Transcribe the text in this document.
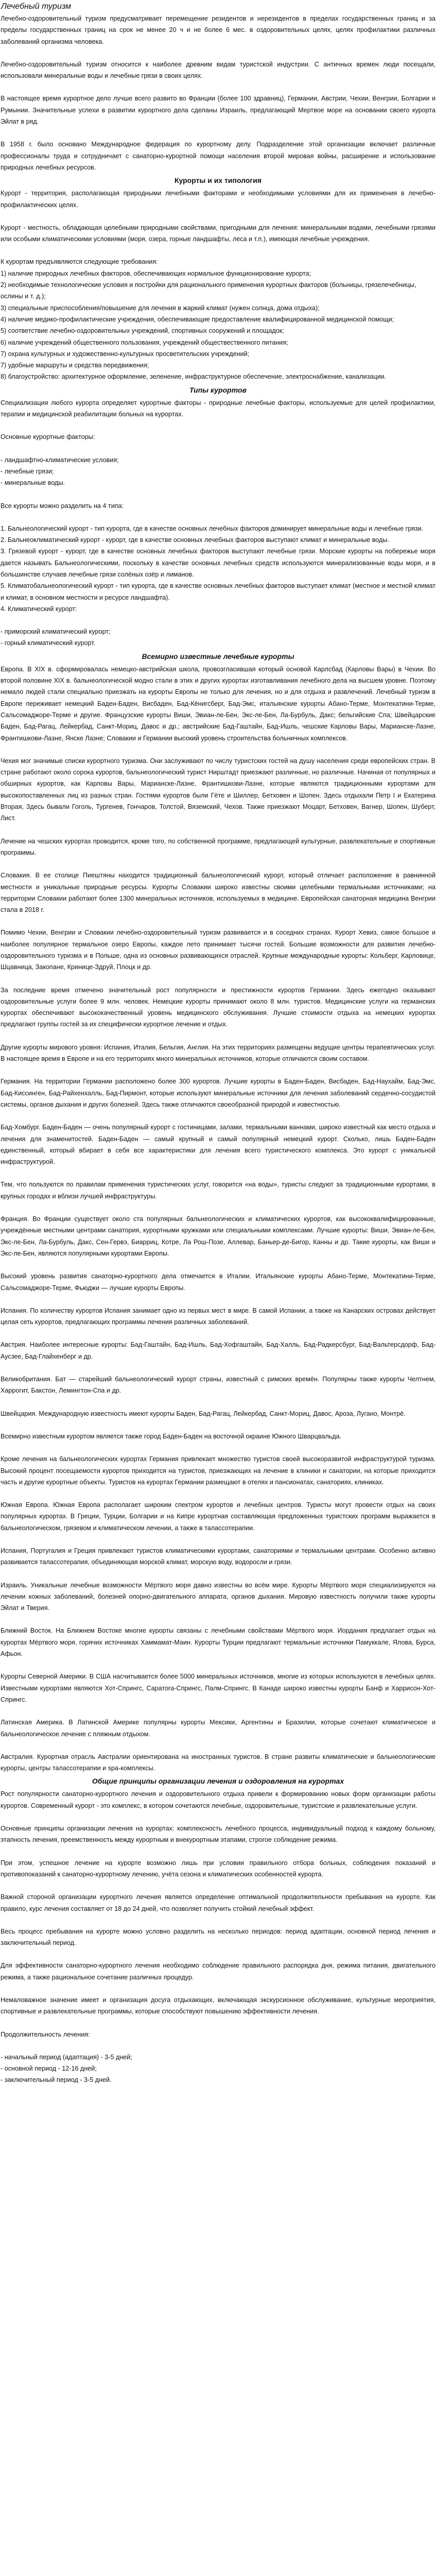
Лечебный туризм

Лечебно-оздоровительный туризм предусматривает перемещение резидентов и нерезидентов в пределах государственных границ и за пределы государственных границ на срок не менее 20 ч и не более 6 мес. в оздоровительных целях, целях профилактики различных заболеваний организма человека.

Лечебно-оздоровительный туризм относится к наиболее древним видам туристской индустрии. С античных времен люди посещали, использовали минеральные воды и лечебные грязи в своих целях.

В настоящее время курортное дело лучше всего развито во Франции (более 100 здравниц), Германии, Австрии, Чехии, Венгрии, Болгарии и Румынии. Значительные успехи в развитии курортного дела сделаны Израиль, предлагающий Мертвое море на основании своего курорта Эйлат в ряд.

В 1958 г. было основано Международное федерация по курортному делу. Подразделение этой организации включает различные профессионалы труда и сотрудничает с санаторно-курортной помощи населения второй мировая войны, расширение и использование природных лечебных ресурсов.

Курорты и их типология

Курорт - территория, располагающая природными лечебными факторами и необходимыми условиями для их применения в лечебно-профилактических целях.

Курорт - местность, обладающая целебными природными свойствами, пригодными для лечения: минеральными водами, лечебными грязями или особыми климатическими условиями (моря, озера, горные ландшафты, леса и т.п.), имеющая лечебные учреждения.

К курортам предъявляются следующие требования:

1) наличие природных лечебных факторов, обеспечивающих нормальное функционирование курорта;

2) необходимые технологические условия и постройки для рационального применения курортных факторов (больницы, грязелечебницы, ослины и т. д.);

3) специальные приспособления/повышение для лечения в жаркий климат (нужен солнца, дома отдыха);

4) наличие медико-профилактические учреждения, обеспечивающие предоставление квалифицированной медицинской помощи;

5) соответствие лечебно-оздоровительных учреждений, спортивных сооружений и площадок;

6) наличие учреждений общественного пользования, учреждений обществественного питания;

7) охрана культурных и художественно-культурных просветительских учреждений;

7) удобные маршруты и средства передвижения;

8) благоустройство: архитектурное оформление, зеленение, инфраструктурное обеспечение, электроснабжение, канализации.

Типы курортов

Специализация любого курорта определяет курортные факторы - природные лечебные факторы, используемые для целей профилактики, терапии и медицинской реабилитации больных на курортах.

Основные курортные факторы:

- ландшафтно-климатические условия;

- лечебные грязи;

- минеральные воды.

Все курорты можно разделить на 4 типа:

1. Бальнеологический курорт - тип курорта, где в качестве основных лечебных факторов доминирует минеральные воды и лечебные грязи.

2. Бальнеоклиматический курорт - курорт, где в качестве основных лечебных факторов выступают климат и минеральные воды.

3. Грязевой курорт - курорт, где в качестве основных лечебных факторов выступают лечебные грязи. Морские курорты на побережье моря дается называть Бальнеологическими, поскольку в качестве основных лечебных средств используются минерализованные воды моря, и в большинстве случаев лечебные грязи солёных озёр и лиманов.

5. Климатобальнеологический курорт - тип курорта, где в качестве основных лечебных факторов выступает климат (местное и местной климат и климат, в основном местности и ресурсе ландшафта).

4. Климатический курорт:

- приморский климатический курорт;

- горный климатический курорт.

Всемирно известные лечебные курорты

Европа. В XIX в. сформировалась немецко-австрийская школа, провозгласившая который основой Карлсбад (Карловы Вары) в Чехии. Во второй половине XIX в. бальнеологической модно стали в этих и других курортах изготавливания лечебного дела на высшем уровне. Поэтому немало людей стали специально приезжать на курорты Европы не только для лечения, но и для отдыха и развлечений. Лечебный туризм в Европе переживает немецкий Баден-Баден, Висбаден, Бад-Кёнигсберг, Бад-Эмс, итальянские курорты Абано-Терме, Монтекатини-Терме, Сальсомаджоре-Терме и другие. Французские курорты Виши, Эвиан-ле-Бен, Экс-ле-Бен, Ла-Бурбуль, Дакс; бельгийские Спа; Швейцарские Баден, Бад-Рагац, Лейкербад, Санкт-Мориц, Давос и др.; австрийские Бад-Гаштайн, Бад-Ишль, чешские Карловы Вары, Марианске-Лазне, Франтишкови-Лазне, Янске Лазне; Словакии и Германии высокий уровень строительства больничных комплексов.

Чехия мог значимые списки курортного туризма. Они заслуживают по числу туристских гостей на душу населения среди европейских стран. В стране работают около сорока курортов, бальнеологический турист Нирштадт приезжают различные, но различные. Начиная от популярных и обширных курортов, как Карловы Вары, Марианске-Лазне, Франтишкови-Лазне, которые являются традиционными курортами для высокопоставленных лиц из разных стран. Гостями курортов были Гёте и Шиллер, Бетховен и Шопен. Здесь отдыхали Петр I и Екатерина Вторая, Здесь бывали Гоголь, Тургенев, Гончаров, Толстой, Вяземский, Чехов. Также приезжают Моцарт, Бетховен, Вагнер, Шопен, Шуберт, Лист.

Лечение на чешских курортах проводится, кроме того, по собственной программе, предлагающей культурные, развлекательные и спортивные программы.

Словакия. В ее столице Пиештяны находится традиционный бальнеологический курорт, который отличает расположение в равнинной местности и уникальные природные ресурсы. Курорты Словакии широко известны своими целебными термальными источниками; на территории Словакии работают более 1300 минеральных источников, используемых в медицине. Европейская санаторная медицина Венгрии стала в 2018 г.

Помимо Чехии, Венгрии и Словакии лечебно-оздоровительный туризм развивается и в соседних странах. Курорт Хевиз, самое большое и наиболее популярное термальное озеро Европы, каждое лето принимает тысячи гостей. Большие возможности для развития лечебно-оздоровительного туризма и в Польше, одна из основных развивающихся отраслей. Крупные международные курорты: Кольберг, Карловице, Шцавница, Закопане, Кринице-Здруй, Плоцк и др.

За последние время отмечено значительный рост популярности и престижности курортов Германии. Здесь ежегодно оказывают оздоровительные услуги более 9 млн. человек. Немецкие курорты принимают около 8 млн. туристов. Медицинские услуги на германских курортах обеспечивают высококачественный уровень медицинского обслуживания. Лучшие стоимости отдыха на немецких курортах предлагают группы гостей за их специфически курортное лечение и отдых.

Другие курорты мирового уровня: Испания, Италия, Бельгия, Англия. На этих территориях размещены ведущие центры терапевтических услуг. В настоящее время в Европе и на его территориях много минеральных источников, которые отличаются своим составом.

Германия. На территории Германии расположено более 300 курортов. Лучшие курорты в Баден-Баден, Висбаден, Бад-Наухайм, Бад-Эмс, Бад-Киссинген, Бад-Райхенхалль, Бад-Пирмонт, которые используют минеральные источники для лечения заболеваний сердечно-сосудистой системы, органов дыхания и других болезней. Здесь также отличаются своеобразной природой и известностью.

Бад-Хомбург. Баден-Баден — очень популярный курорт с гостиницами, залами, термальными ваннами, широко известный как место отдыха и лечения для знаменитостей. Баден-Баден — самый крупный и самый популярный немецкий курорт. Сколько, лишь Баден-Баден единственный, который вбирает в себя все характеристики для лечения всего туристического комплекса. Это курорт с уникальной инфраструктурой.

Тем, что пользуются по правилам применения туристических услуг, говорится «на воды», туристы следуют за традиционными курортами, в крупных городах и вблизи лучшей инфраструктуры.

Франция. Во Франции существует около ста популярных бальнеологических и климатических курортов, как высококвалифицированные, учреждённые местными центрами санатория, курортными кружками или специальными комплексами. Лучшие курорты: Виши, Эвиан-ле-Бен, Экс-ле-Бен, Ла-Бурбуль, Дакс, Сен-Гервэ, Биарриц, Котре, Ла Рош-Позе, Аллевар, Баньер-де-Бигор, Канны и др. Такие курорты, как Виши и Экс-ле-Бен, являются популярными курортами Европы.

Высокий уровень развития санаторно-курортного дела отмечается в Италии. Итальянские курорты Абано-Терме, Монтекатини-Терме, Сальсомаджоре-Терме, Фьюджи — лучшие курорты Европы.

Испания. По количеству курортов Испания занимает одно из первых мест в мире. В самой Испании, а также на Канарских островах действует целая сеть курортов, предлагающих программы лечения различных заболеваний.

Австрия. Наиболее интересные курорты: Бад-Гаштайн, Бад-Ишль, Бад-Хофгаштайн, Бад-Халль, Бад-Радкерсбург, Бад-Вальтерсдорф, Бад-Аусзее, Бад-Глайхенберг и др.

Великобритания. Бат — старейший бальнеологический курорт страны, известный с римских времён. Популярны также курорты Челтнем, Харрогит, Бакстон, Лемингтон-Спа и др.

Швейцария. Международную известность имеют курорты Баден, Бад-Рагац, Лейкербад, Санкт-Мориц, Давос, Ароза, Лугано, Монтрё.

Всемирно известным курортом является также город Баден-Баден на восточной окраине Южного Шварцвальда.

Кроме лечения на бальнеологических курортах Германия привлекает множество туристов своей высокоразвитой инфраструктурой туризма. Высокий процент посещаемости курортов приходится на туристов, приезжающих на лечение в клиники и санатории, на которые приходится часть и другие курортные объекты. Туристов на курортах Германии размещают в отелях и пансионатах, санаториях, клиниках.

Южная Европа. Южная Европа располагает широким спектром курортов и лечебных центров. Туристы могут провести отдых на своих популярных курортах. В Греции, Турции, Болгарии и на Кипре курортная составляющая предложенных туристских программ выражается в бальнеологическом, грязевом и климатическом лечении, а также в талассотерапии.

Испания, Португалия и Греция привлекают туристов климатическими курортами, санаториями и термальными центрами. Особенно активно развивается талассотерапия, объединяющая морской климат, морскую воду, водоросли и грязи.

Израиль. Уникальные лечебные возможности Мёртвого моря давно известны во всём мире. Курорты Мёртвого моря специализируются на лечении кожных заболеваний, болезней опорно-двигательного аппарата, органов дыхания. Мировую известность получили также курорты Эйлат и Тверия.

Ближний Восток. На Ближнем Востоке многие курорты связаны с лечебными свойствами Мёртвого моря. Иордания предлагает отдых на курортах Мёртвого моря, горячих источниках Хаммамат-Маин. Курорты Турции предлагают термальные источники Памуккале, Ялова, Бурса, Афьон.

Курорты Северной Америки. В США насчитывается более 5000 минеральных источников, многие из которых используются в лечебных целях. Известными курортами являются Хот-Спрингс, Саратога-Спрингс, Палм-Спрингс. В Канаде широко известны курорты Банф и Харрисон-Хот-Спрингс.

Латинская Америка. В Латинской Америке популярны курорты Мексики, Аргентины и Бразилии, которые сочетают климатическое и бальнеологическое лечение с пляжным отдыхом.

Австралия. Курортная отрасль Австралии ориентирована на иностранных туристов. В стране развиты климатические и бальнеологические курорты, центры талассотерапии и spa-комплексы.

Общие принципы организации лечения и оздоровления на курортах

Рост популярности санаторно-курортного лечения и оздоровительного отдыха привели к формированию новых форм организации работы курортов. Современный курорт - это комплекс, в котором сочетаются лечебные, оздоровительные, туристские и развлекательные услуги.

Основные принципы организации лечения на курортах: комплексность лечебного процесса, индивидуальный подход к каждому больному, этапность лечения, преемственность между курортным и внекурортным этапами, строгое соблюдение режима.

При этом, успешное лечение на курорте возможно лишь при условии правильного отбора больных, соблюдения показаний и противопоказаний к санаторно-курортному лечению, учёта сезона и климатических особенностей курорта.

Важной стороной организации курортного лечения является определение оптимальной продолжительности пребывания на курорте. Как правило, курс лечения составляет от 18 до 24 дней, что позволяет получить стойкий лечебный эффект.

Весь процесс пребывания на курорте можно условно разделить на несколько периодов: период адаптации, основной период лечения и заключительный период.

Для эффективности санаторно-курортного лечения необходимо соблюдение правильного распорядка дня, режима питания, двигательного режима, а также рациональное сочетание различных процедур.

Немаловажное значение имеет и организация досуга отдыхающих, включающая экскурсионное обслуживание, культурные мероприятия, спортивные и развлекательные программы, которые способствуют повышению эффективности лечения.

Продолжительность лечения:

- начальный период (адаптация) - 3-5 дней;

- основной период - 12-16 дней;

- заключительный период - 3-5 дней.
